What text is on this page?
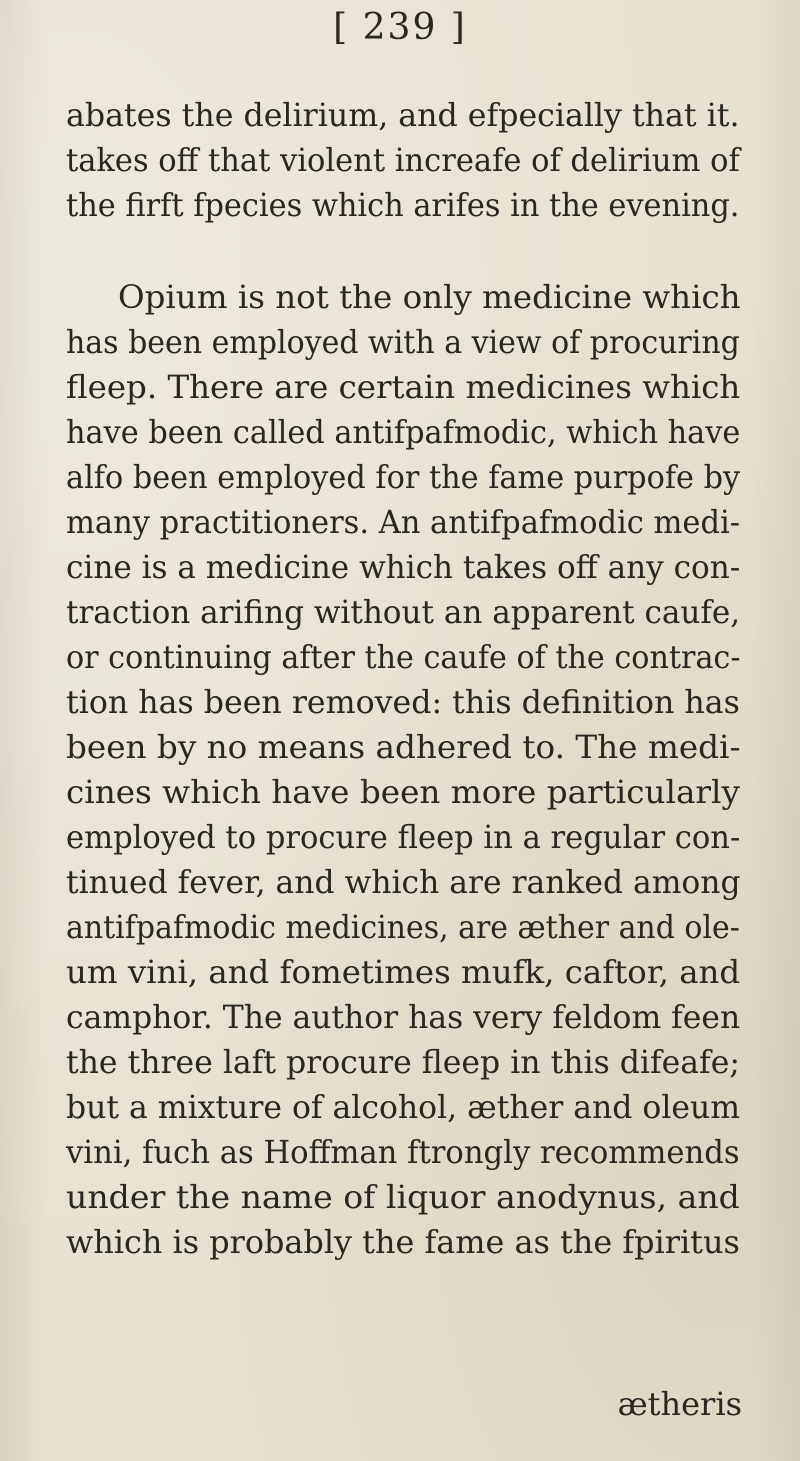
[ 239 ]
abates the delirium, and efpecially that it.
takes off that violent increafe of delirium of
the firft fpecies which arifes in the evening.
Opium is not the only medicine which
has been employed with a view of procuring
fleep. There are certain medicines which
have been called antifpafmodic, which have
alfo been employed for the fame purpofe by
many practitioners. An antifpafmodic medi-
cine is a medicine which takes off any con-
traction arifing without an apparent caufe,
or continuing after the caufe of the contrac-
tion has been removed: this definition has
been by no means adhered to. The medi-
cines which have been more particularly
employed to procure fleep in a regular con-
tinued fever, and which are ranked among
antifpafmodic medicines, are æther and ole-
um vini, and fometimes mufk, caftor, and
camphor. The author has very feldom feen
the three laft procure fleep in this difeafe;
but a mixture of alcohol, æther and oleum
vini, fuch as Hoffman ftrongly recommends
under the name of liquor anodynus, and
which is probably the fame as the fpiritus
ætheris
